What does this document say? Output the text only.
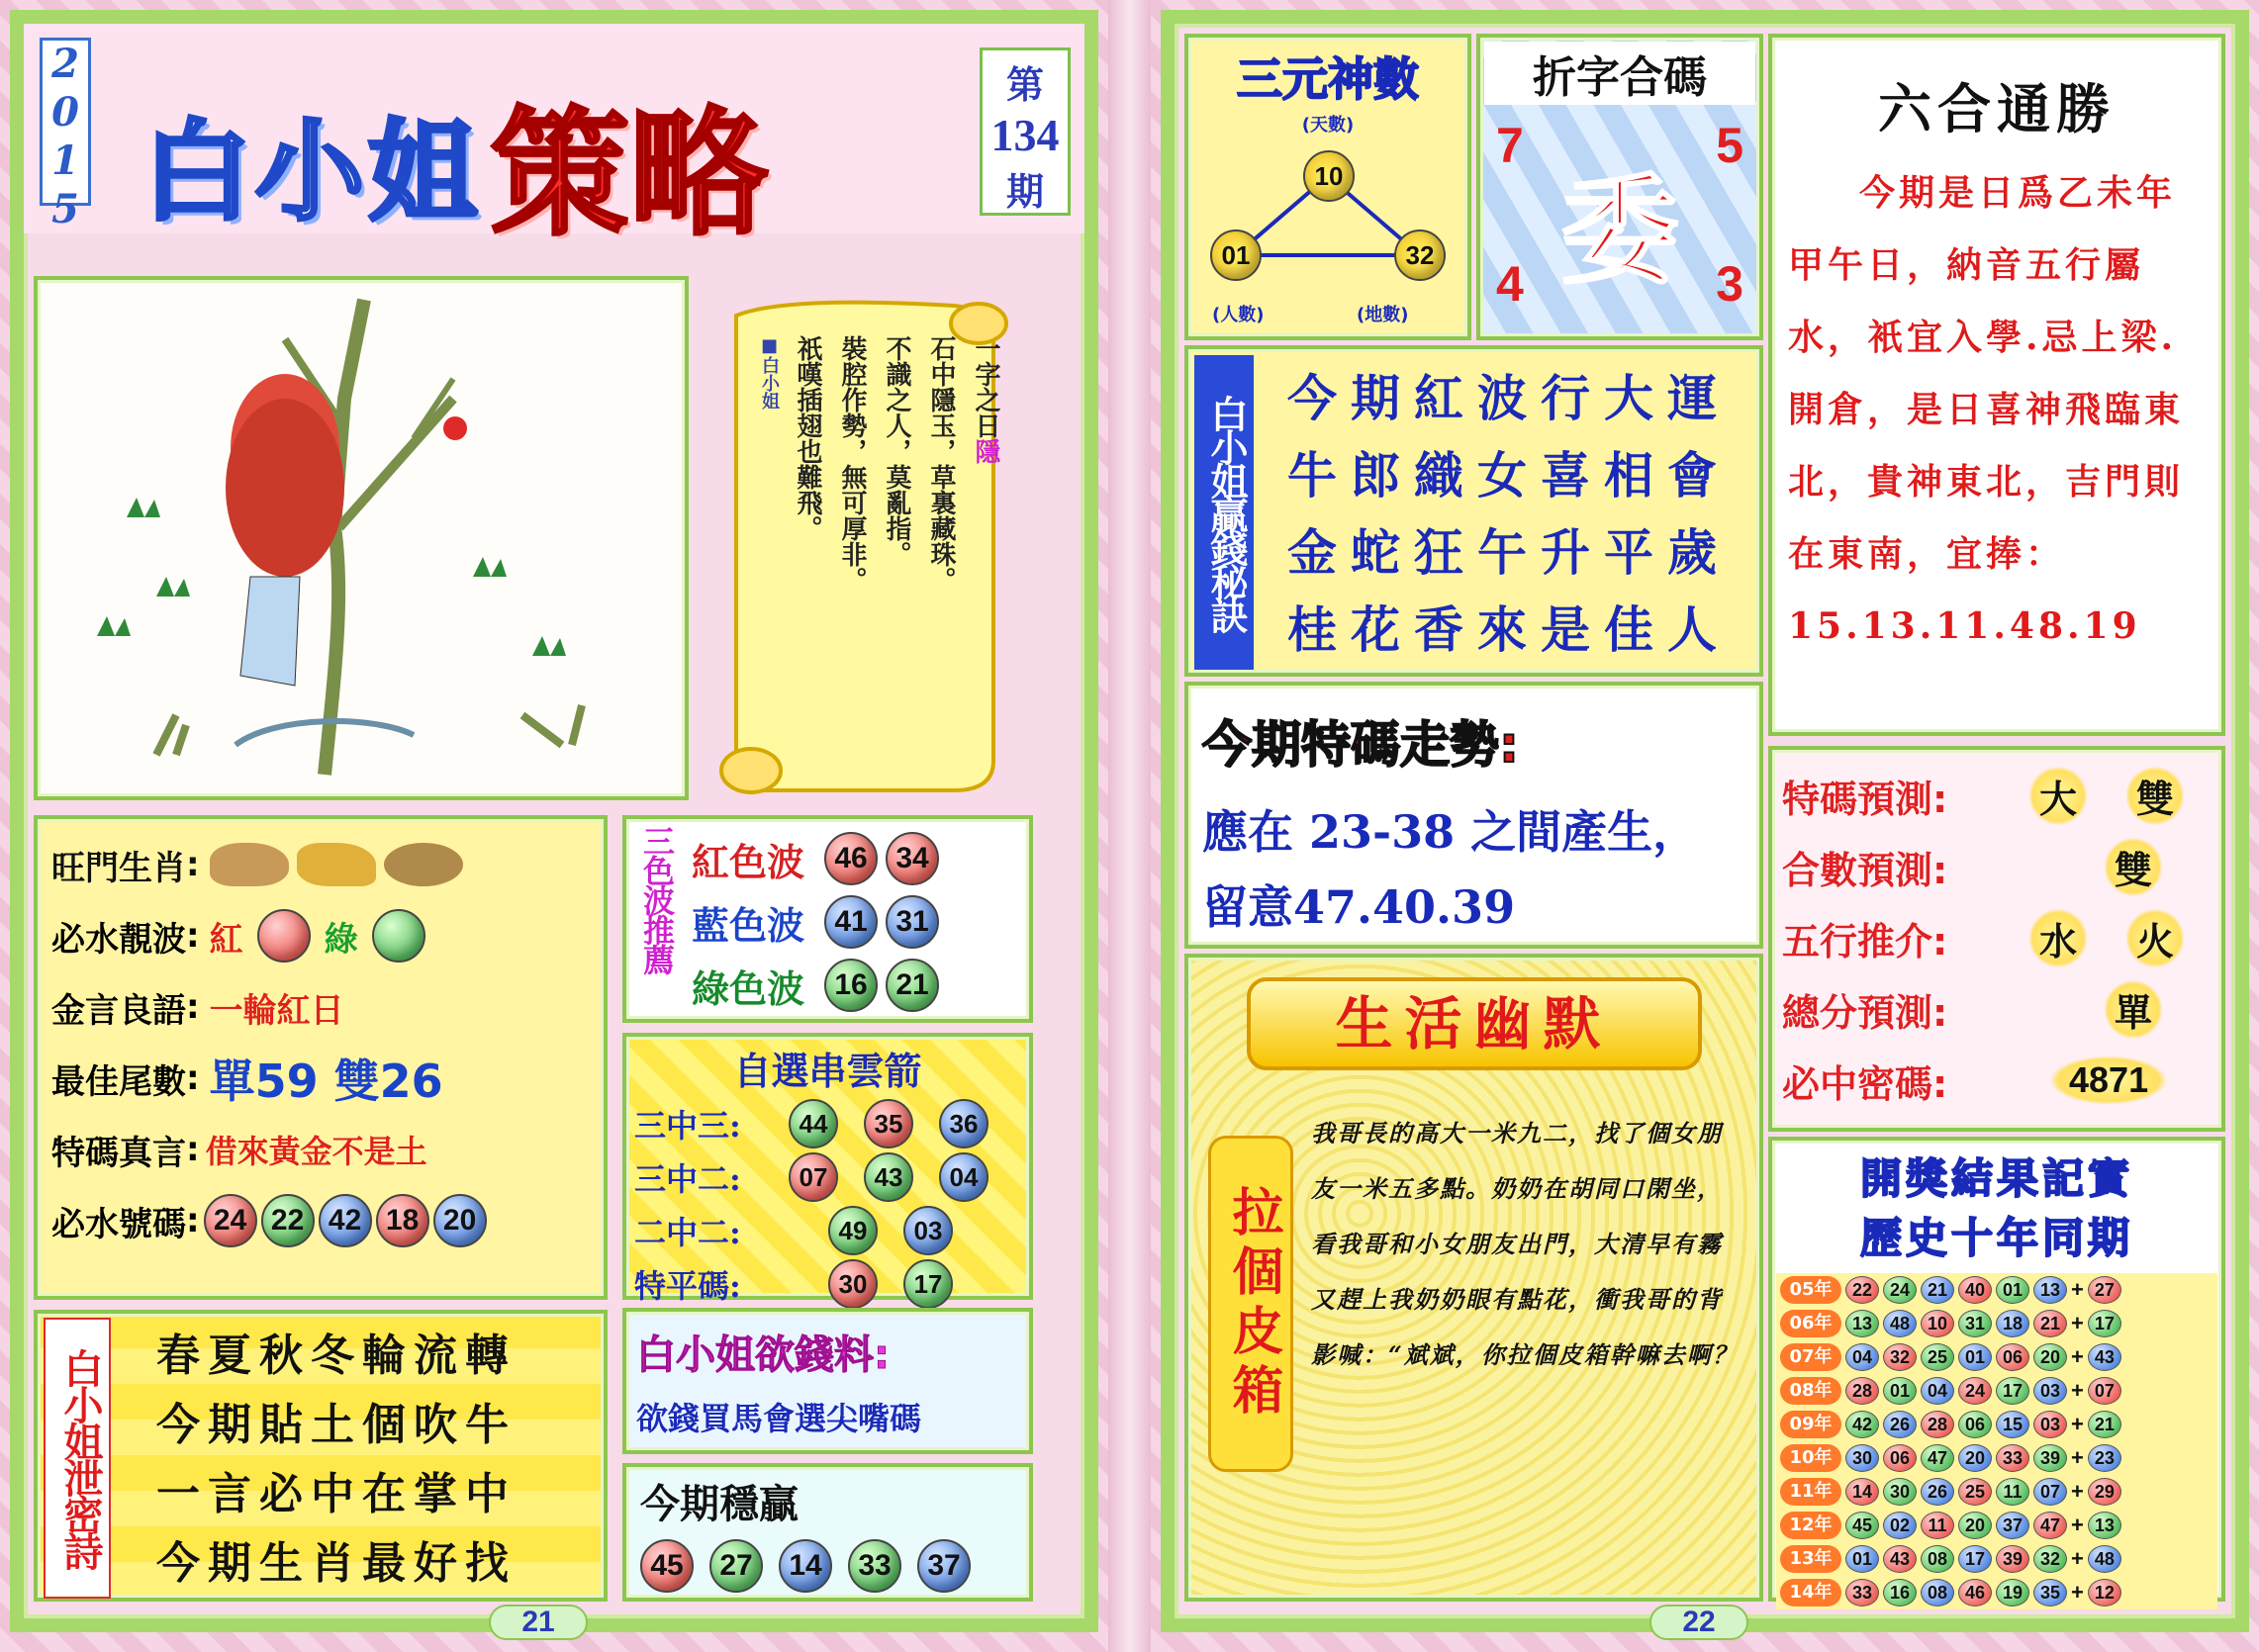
2015 白小姐 策略
第
134
期
一字之日隱
石中隱玉，草裏藏珠。
不識之人，莫亂指。
裝腔作勢，無可厚非。
祇嘆插翅也難飛。
■白小姐
旺門生肖 :
必水靚波 : 紅 綠
金言良語 : 一輪紅日
最佳尾數 : 單59 雙26
特碼真言 : 借來黃金不是土
必水號碼 : 24 22 42 18 20
三色波推薦 紅色波	46 34
藍色波	41 31
綠色波	16 21
自選串雲箭
三中三:	44	35	36
三中二:	07	43	04
二中二:	49	03
特平碼:	30	17
白小姐欲錢料:
欲錢買馬會選尖嘴碼
今期穩贏
45	27	14	33	37
白小姐泄密詩 春夏秋冬輪流轉
今期貼土個吹牛
一言必中在掌中
今期生肖最好找
21
三元神數
(天數)
10
01	32
(人數)	(地數)
折字合碼
7	5
4	3
委
六合通勝
今期是日爲乙未年甲午日，納音五行屬水，衹宜入學.忌上梁.開倉，是日喜神飛臨東北，貴神東北，吉門則在東南，宜捧：15.13.11.48.19
白小姐贏錢秘訣 今期紅波行大運
牛郎織女喜相會
金蛇狂午升平歲
桂花香來是佳人
今期特碼走勢:
應在 23-38 之間產生，
留意47.40.39
特碼預測:	大 雙
合數預測:	雙
五行推介:	水 火
總分預測:	單
必中密碼:	4871
生活幽默
拉個皮箱
我哥長的高大一米九二，找了個女朋友一米五多點。奶奶在胡同口閑坐，看我哥和小女朋友出門，大清早有霧又趕上我奶奶眼有點花，衝我哥的背影喊：“斌斌，你拉個皮箱幹嘛去啊？
開獎結果記實
歷史十年同期
05年	22 24 21 40 01 13 + 27
06年	13 48 10 31 18 21 + 17
07年	04 32 25 01 06 20 + 43
08年	28 01 04 24 17 03 + 07
09年	42 26 28 06 15 03 + 21
10年	30 06 47 20 33 39 + 23
11年	14 30 26 25	11	07 + 29
12年	45 02	11	20 37 47 + 13
13年	01 43 08 17 39 32 + 48
14年	33 16 08 46 19 35 + 12
22
